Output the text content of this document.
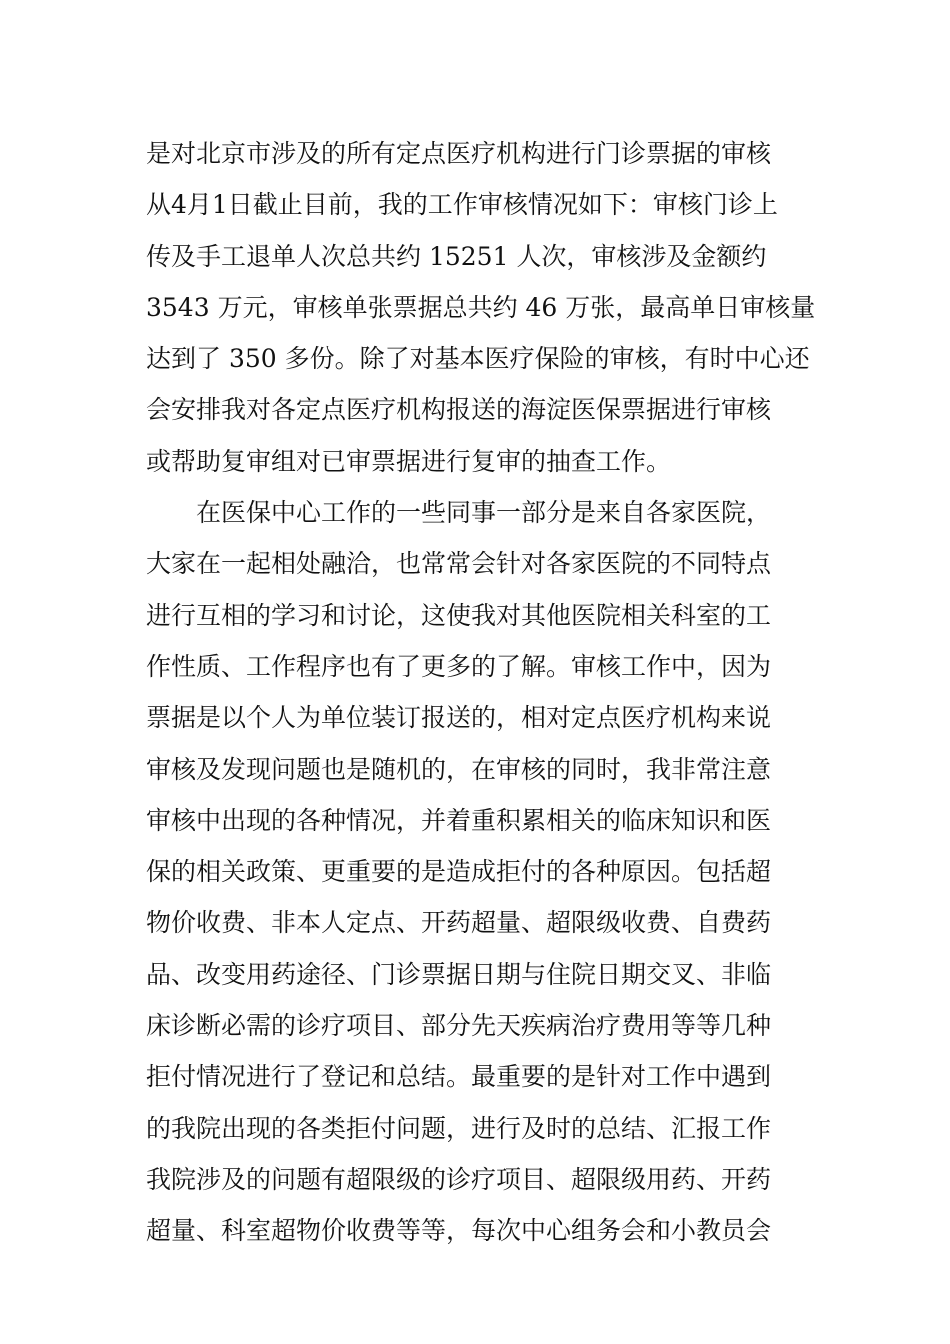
是对北京市涉及的所有定点医疗机构进行门诊票据的审核
从4月1日截止目前，我的工作审核情况如下：审核门诊上
传及手工退单人次总共约 15251 人次，审核涉及金额约
3543 万元，审核单张票据总共约 46 万张，最高单日审核量
达到了 350 多份。除了对基本医疗保险的审核，有时中心还
会安排我对各定点医疗机构报送的海淀医保票据进行审核
或帮助复审组对已审票据进行复审的抽查工作。
在医保中心工作的一些同事一部分是来自各家医院，
大家在一起相处融洽，也常常会针对各家医院的不同特点
进行互相的学习和讨论，这使我对其他医院相关科室的工
作性质、工作程序也有了更多的了解。审核工作中，因为
票据是以个人为单位装订报送的，相对定点医疗机构来说
审核及发现问题也是随机的，在审核的同时，我非常注意
审核中出现的各种情况，并着重积累相关的临床知识和医
保的相关政策、更重要的是造成拒付的各种原因。包括超
物价收费、非本人定点、开药超量、超限级收费、自费药
品、改变用药途径、门诊票据日期与住院日期交叉、非临
床诊断必需的诊疗项目、部分先天疾病治疗费用等等几种
拒付情况进行了登记和总结。最重要的是针对工作中遇到
的我院出现的各类拒付问题，进行及时的总结、汇报工作
我院涉及的问题有超限级的诊疗项目、超限级用药、开药
超量、科室超物价收费等等，每次中心组务会和小教员会
